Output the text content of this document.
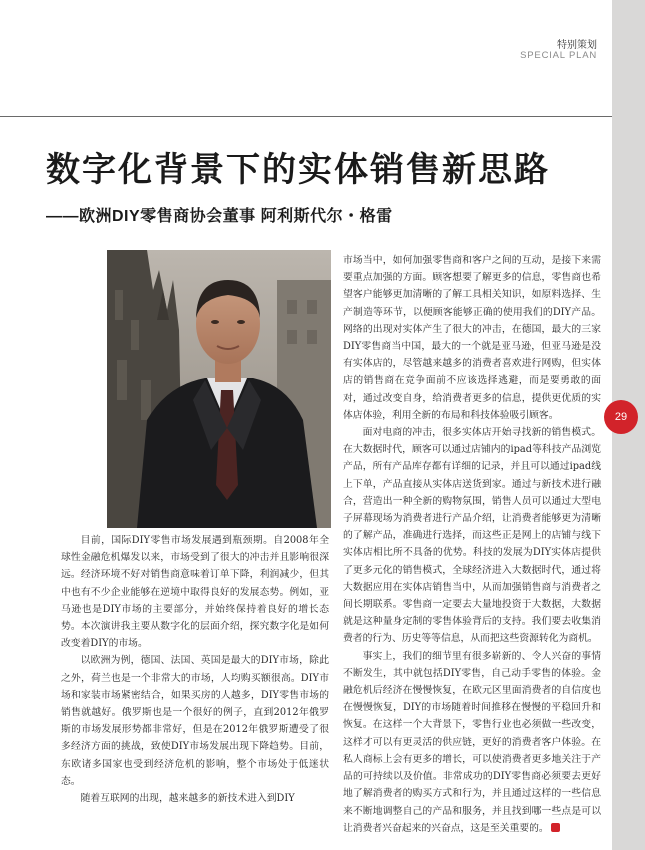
29
特别策划
SPECIAL PLAN
数字化背景下的实体销售新思路
——欧洲DIY零售商协会董事 阿利斯代尔・格雷

目前，国际DIY零售市场发展遇到瓶颈期。自2008年全球性金融危机爆发以来，市场受到了很大的冲击并且影响很深远。经济环境不好对销售商意味着订单下降，利润减少，但其中也有不少企业能够在逆境中取得良好的发展态势。例如，亚马逊也是DIY市场的主要部分，并始终保持着良好的增长态势。本次演讲我主要从数字化的层面介绍，探究数字化是如何改变着DIY的市场。

以欧洲为例，德国、法国、英国是最大的DIY市场，除此之外，荷兰也是一个非常大的市场，人均购买额很高。DIY市场和家装市场紧密结合，如果买房的人越多，DIY零售市场的销售就越好。俄罗斯也是一个很好的例子，直到2012年俄罗斯的市场发展形势都非常好，但是在2012年俄罗斯遭受了很多经济方面的挑战，致使DIY市场发展出现下降趋势。目前，东欧诸多国家也受到经济危机的影响，整个市场处于低迷状态。

随着互联网的出现，越来越多的新技术进入到DIY

市场当中，如何加强零售商和客户之间的互动，是接下来需要重点加强的方面。顾客想要了解更多的信息，零售商也希望客户能够更加清晰的了解工具相关知识，如原料选择、生产制造等环节，以便顾客能够正确的使用我们的DIY产品。网络的出现对实体产生了很大的冲击，在德国，最大的三家DIY零售商当中国，最大的一个就是亚马逊，但亚马逊是没有实体店的，尽管越来越多的消费者喜欢进行网购，但实体店的销售商在竞争面前不应该选择逃避，而是要勇敢的面对，通过改变自身，给消费者更多的信息，提供更优质的实体店体验，利用全新的布局和科技体验吸引顾客。

面对电商的冲击，很多实体店开始寻找新的销售模式。在大数据时代，顾客可以通过店铺内的ipad等科技产品浏览产品，所有产品库存都有详细的记录，并且可以通过ipad线上下单，产品直接从实体店送货到家。通过与新技术进行融合，营造出一种全新的购物氛围，销售人员可以通过大型电子屏幕现场为消费者进行产品介绍，让消费者能够更为清晰的了解产品，准确进行选择，而这些正是网上的店铺与线下实体店相比所不具备的优势。科技的发展为DIY实体店提供了更多元化的销售模式，全球经济进入大数据时代，通过将大数据应用在实体店销售当中，从而加强销售商与消费者之间长期联系。零售商一定要去大量地投资于大数据，大数据就是这种量身定制的零售体验背后的支持。我们要去收集消费者的行为、历史等等信息，从而把这些资源转化为商机。

事实上，我们的细节里有很多崭新的、令人兴奋的事情不断发生，其中就包括DIY零售，自己动手零售的体验。金融危机后经济在慢慢恢复，在欧元区里面消费者的自信度也在慢慢恢复，DIY的市场随着时间推移在慢慢的平稳回升和恢复。在这样一个大背景下，零售行业也必须做一些改变，这样才可以有更灵活的供应链，更好的消费者客户体验。在私人商标上会有更多的增长，可以使消费者更多地关注于产品的可持续以及价值。非常成功的DIY零售商必须要去更好地了解消费者的购买方式和行为，并且通过这样的一些信息来不断地调整自己的产品和服务，并且找到哪一些点是可以让消费者兴奋起来的兴奋点，这是至关重要的。
